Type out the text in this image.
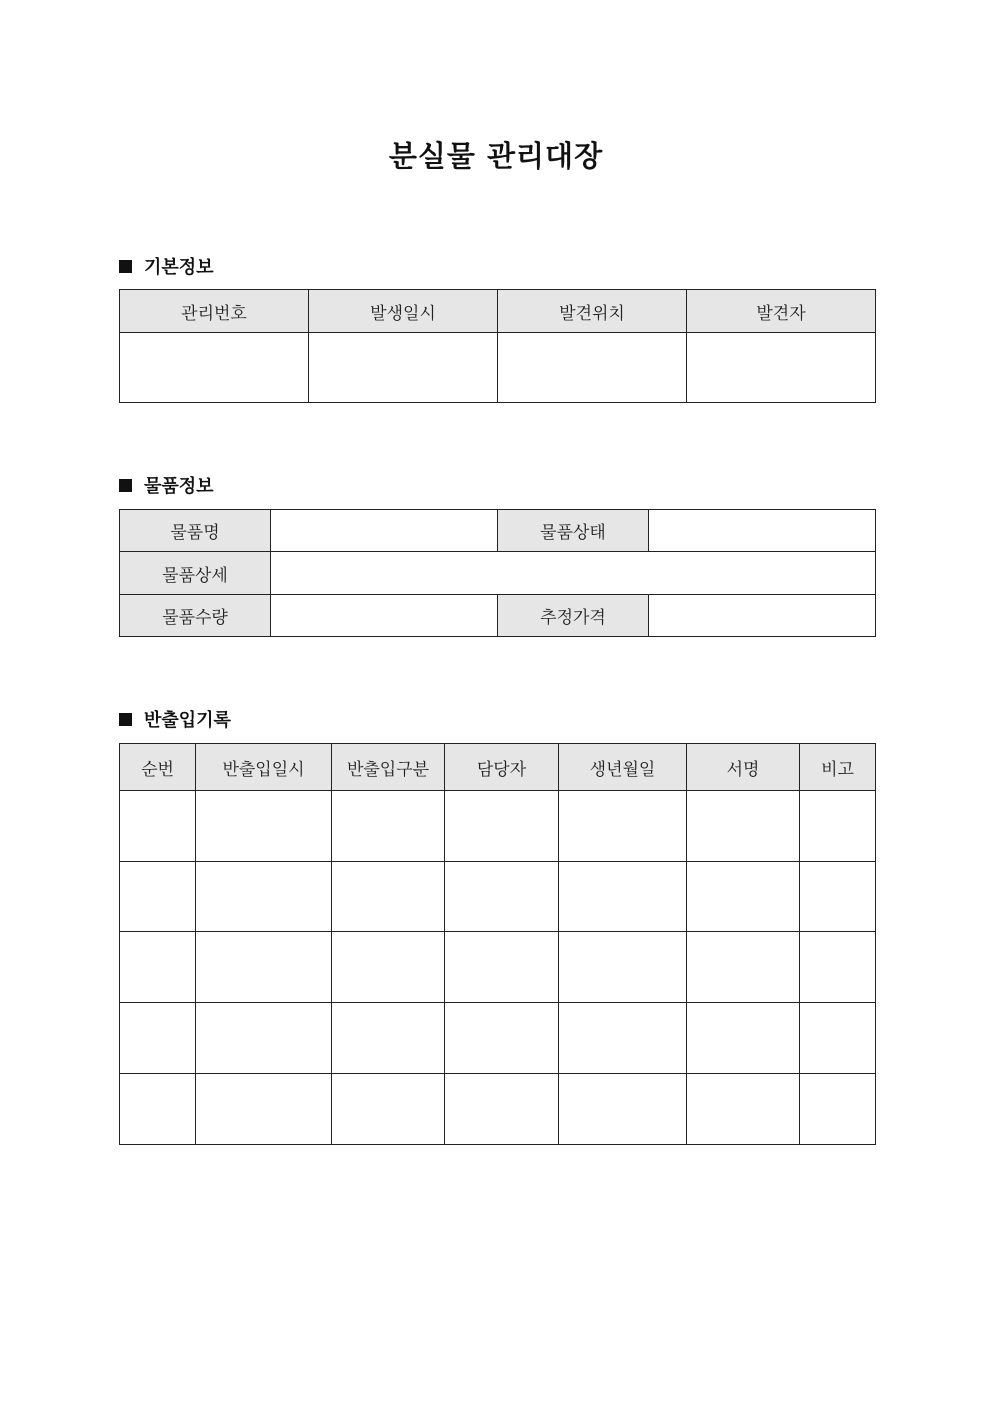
분실물 관리대장
기본정보
관리번호	발생일시	발견위치	발견자

물품정보
물품명		물품상태	
물품상세			
물품수량		추정가격	
반출입기록
순번	반출입일시	반출입구분	담당자	생년월일	서명	비고
